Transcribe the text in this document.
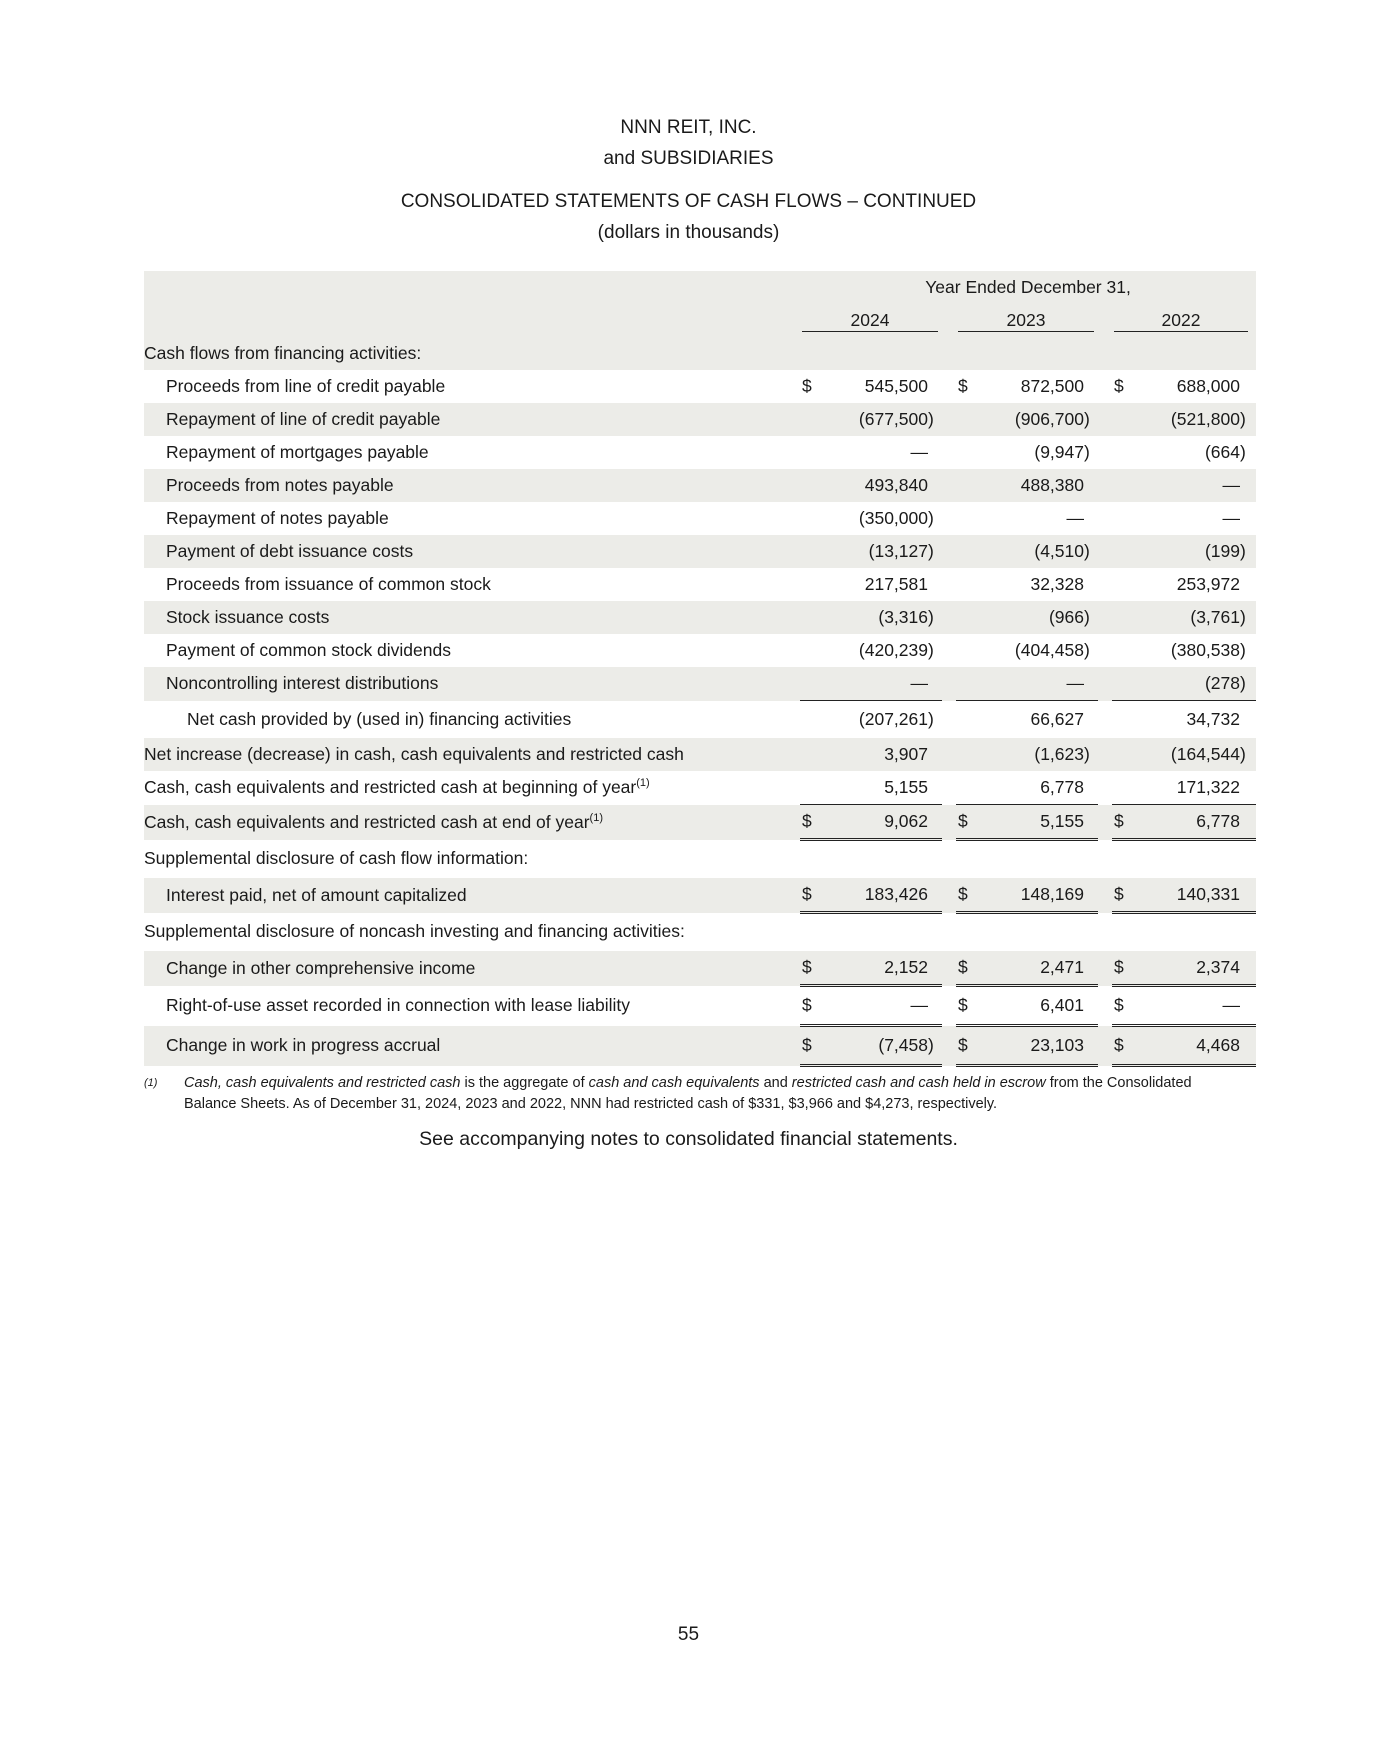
NNN REIT, INC.
and SUBSIDIARIES
CONSOLIDATED STATEMENTS OF CASH FLOWS – CONTINUED
(dollars in thousands)
	Year Ended December 31,										

	2024				2023				2022		

Cash flows from financing activities:											
Proceeds from line of credit payable	$	545,500			$	872,500			$	688,000	
Repayment of line of credit payable		(677,500	)			(906,700	)			(521,800	)
Repayment of mortgages payable		—				(9,947	)			(664	)
Proceeds from notes payable		493,840				488,380				—	
Repayment of notes payable		(350,000	)			—				—	
Payment of debt issuance costs		(13,127	)			(4,510	)			(199	)
Proceeds from issuance of common stock		217,581				32,328				253,972	
Stock issuance costs		(3,316	)			(966	)			(3,761	)
Payment of common stock dividends		(420,239	)			(404,458	)			(380,538	)
Noncontrolling interest distributions		—				—				(278	)
Net cash provided by (used in) financing activities		(207,261	)			66,627				34,732	
Net increase (decrease) in cash, cash equivalents and restricted cash		3,907				(1,623	)			(164,544	)
Cash, cash equivalents and restricted cash at beginning of year$^{(1)}$		5,155				6,778				171,322	
Cash, cash equivalents and restricted cash at end of year$^{(1)}$	$	9,062			$	5,155			$	6,778	
Supplemental disclosure of cash flow information:											
Interest paid, net of amount capitalized	$	183,426			$	148,169			$	140,331	
Supplemental disclosure of noncash investing and financing activities:											
Change in other comprehensive income	$	2,152			$	2,471			$	2,374	
Right-of-use asset recorded in connection with lease liability	$	—			$	6,401			$	—	
Change in work in progress accrual	$	(7,458	)		$	23,103			$	4,468	
(1) Cash, cash equivalents and restricted cash is the aggregate of cash and cash equivalents and restricted cash and cash held in escrow from the Consolidated Balance Sheets. As of December 31, 2024, 2023 and 2022, NNN had restricted cash of $331, $3,966 and $4,273, respectively.
See accompanying notes to consolidated financial statements.
55
